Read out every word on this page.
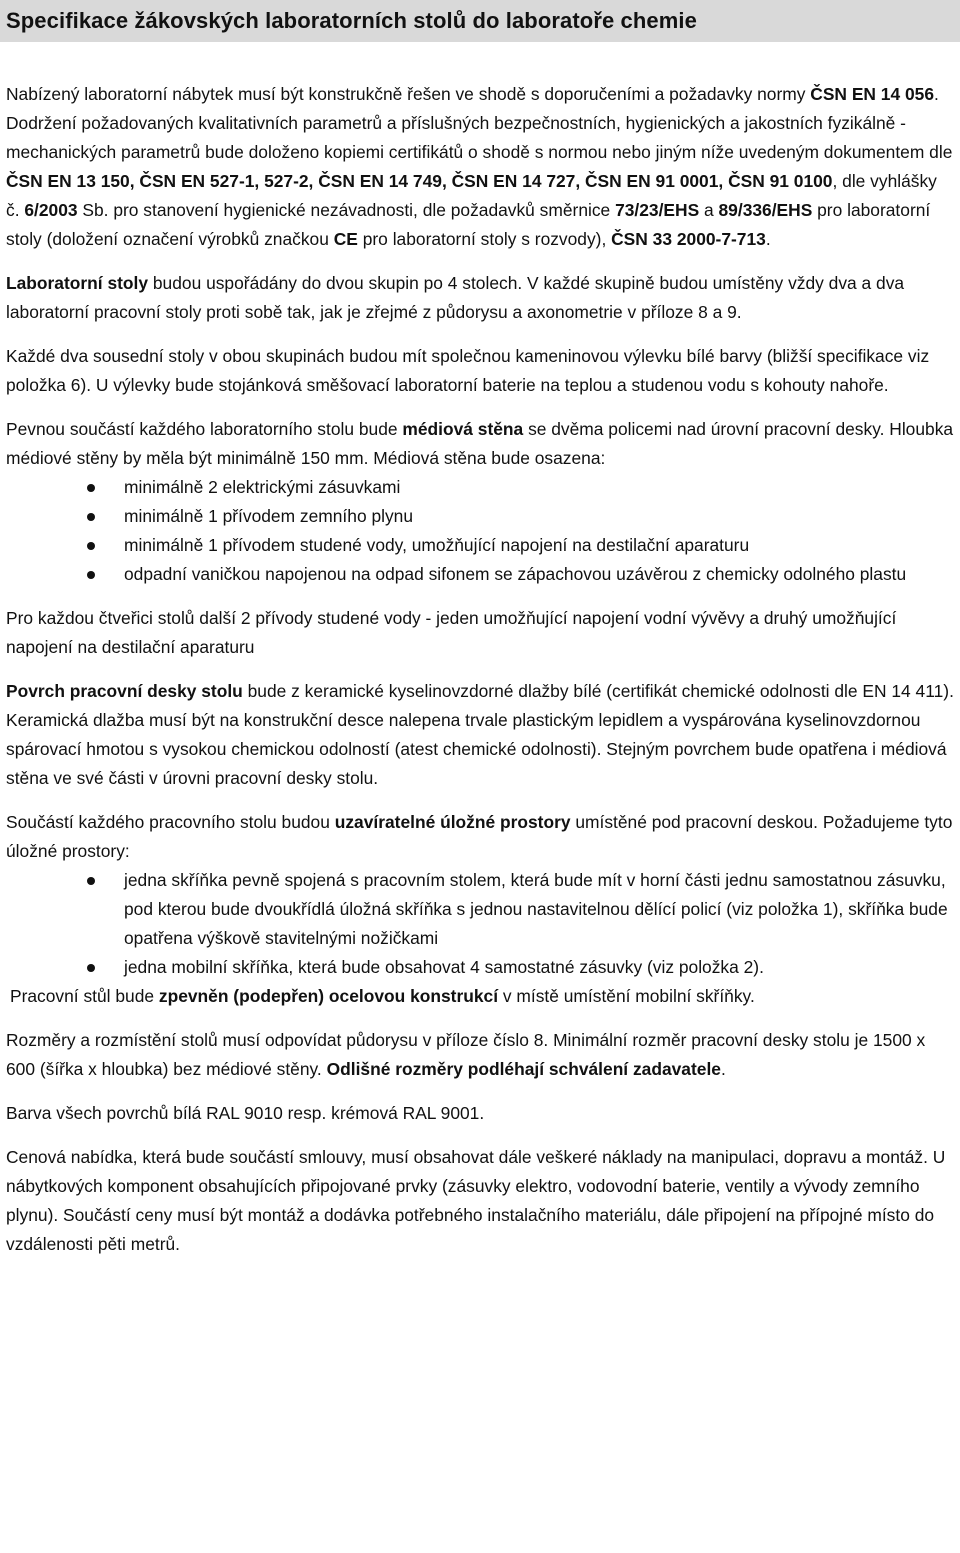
Specifikace žákovských laboratorních stolů do laboratoře chemie

Nabízený laboratorní nábytek musí být konstrukčně řešen ve shodě s doporučeními a požadavky normy ČSN EN 14 056. Dodržení požadovaných kvalitativních parametrů a příslušných bezpečnostních, hygienických a jakostních fyzikálně - mechanických parametrů bude doloženo kopiemi certifikátů o shodě s normou nebo jiným níže uvedeným dokumentem dle ČSN EN 13 150, ČSN EN 527-1, 527-2, ČSN EN 14 749, ČSN EN 14 727, ČSN EN 91 0001, ČSN 91 0100, dle vyhlášky č. 6/2003 Sb. pro stanovení hygienické nezávadnosti, dle požadavků směrnice 73/23/EHS a 89/336/EHS pro laboratorní stoly (doložení označení výrobků značkou CE pro laboratorní stoly s rozvody), ČSN 33 2000-7-713.

Laboratorní stoly budou uspořádány do dvou skupin po 4 stolech. V každé skupině budou umístěny vždy dva a dva laboratorní pracovní stoly proti sobě tak, jak je zřejmé z půdorysu a axonometrie v příloze 8 a 9.

Každé dva sousední stoly v obou skupinách budou mít společnou kameninovou výlevku bílé barvy (bližší specifikace viz položka 6). U výlevky bude stojánková směšovací laboratorní baterie na teplou a studenou vodu s kohouty nahoře.

Pevnou součástí každého laboratorního stolu bude médiová stěna se dvěma policemi nad úrovní pracovní desky. Hloubka médiové stěny by měla být minimálně 150 mm. Médiová stěna bude osazena:

minimálně 2 elektrickými zásuvkami
minimálně 1 přívodem zemního plynu
minimálně 1 přívodem studené vody, umožňující napojení na destilační aparaturu
odpadní vaničkou napojenou na odpad sifonem se zápachovou uzávěrou z chemicky odolného plastu

Pro každou čtveřici stolů další 2 přívody studené vody - jeden umožňující napojení vodní vývěvy a druhý umožňující napojení na destilační aparaturu

Povrch pracovní desky stolu bude z keramické kyselinovzdorné dlažby bílé (certifikát chemické odolnosti dle EN 14 411). Keramická dlažba musí být na konstrukční desce nalepena trvale plastickým lepidlem a vyspárována kyselinovzdornou spárovací hmotou s vysokou chemickou odolností (atest chemické odolnosti). Stejným povrchem bude opatřena i médiová stěna ve své části v úrovni pracovní desky stolu.

Součástí každého pracovního stolu budou uzavíratelné úložné prostory umístěné pod pracovní deskou. Požadujeme tyto úložné prostory:

jedna skříňka pevně spojená s pracovním stolem, která bude mít v horní části jednu samostatnou zásuvku, pod kterou bude dvoukřídlá úložná skříňka s jednou nastavitelnou dělící policí (viz položka 1), skříňka bude opatřena výškově stavitelnými nožičkami
jedna mobilní skříňka, která bude obsahovat 4 samostatné zásuvky (viz položka 2).

Pracovní stůl bude zpevněn (podepřen) ocelovou konstrukcí v místě umístění mobilní skříňky.

Rozměry a rozmístění stolů musí odpovídat půdorysu v příloze číslo 8. Minimální rozměr pracovní desky stolu je 1500 x 600 (šířka x hloubka) bez médiové stěny. Odlišné rozměry podléhají schválení zadavatele.

Barva všech povrchů bílá RAL 9010 resp. krémová RAL 9001.

Cenová nabídka, která bude součástí smlouvy, musí obsahovat dále veškeré náklady na manipulaci, dopravu a montáž. U nábytkových komponent obsahujících připojované prvky (zásuvky elektro, vodovodní baterie, ventily a vývody zemního plynu). Součástí ceny musí být montáž a dodávka potřebného instalačního materiálu, dále připojení na přípojné místo do vzdálenosti pěti metrů.
